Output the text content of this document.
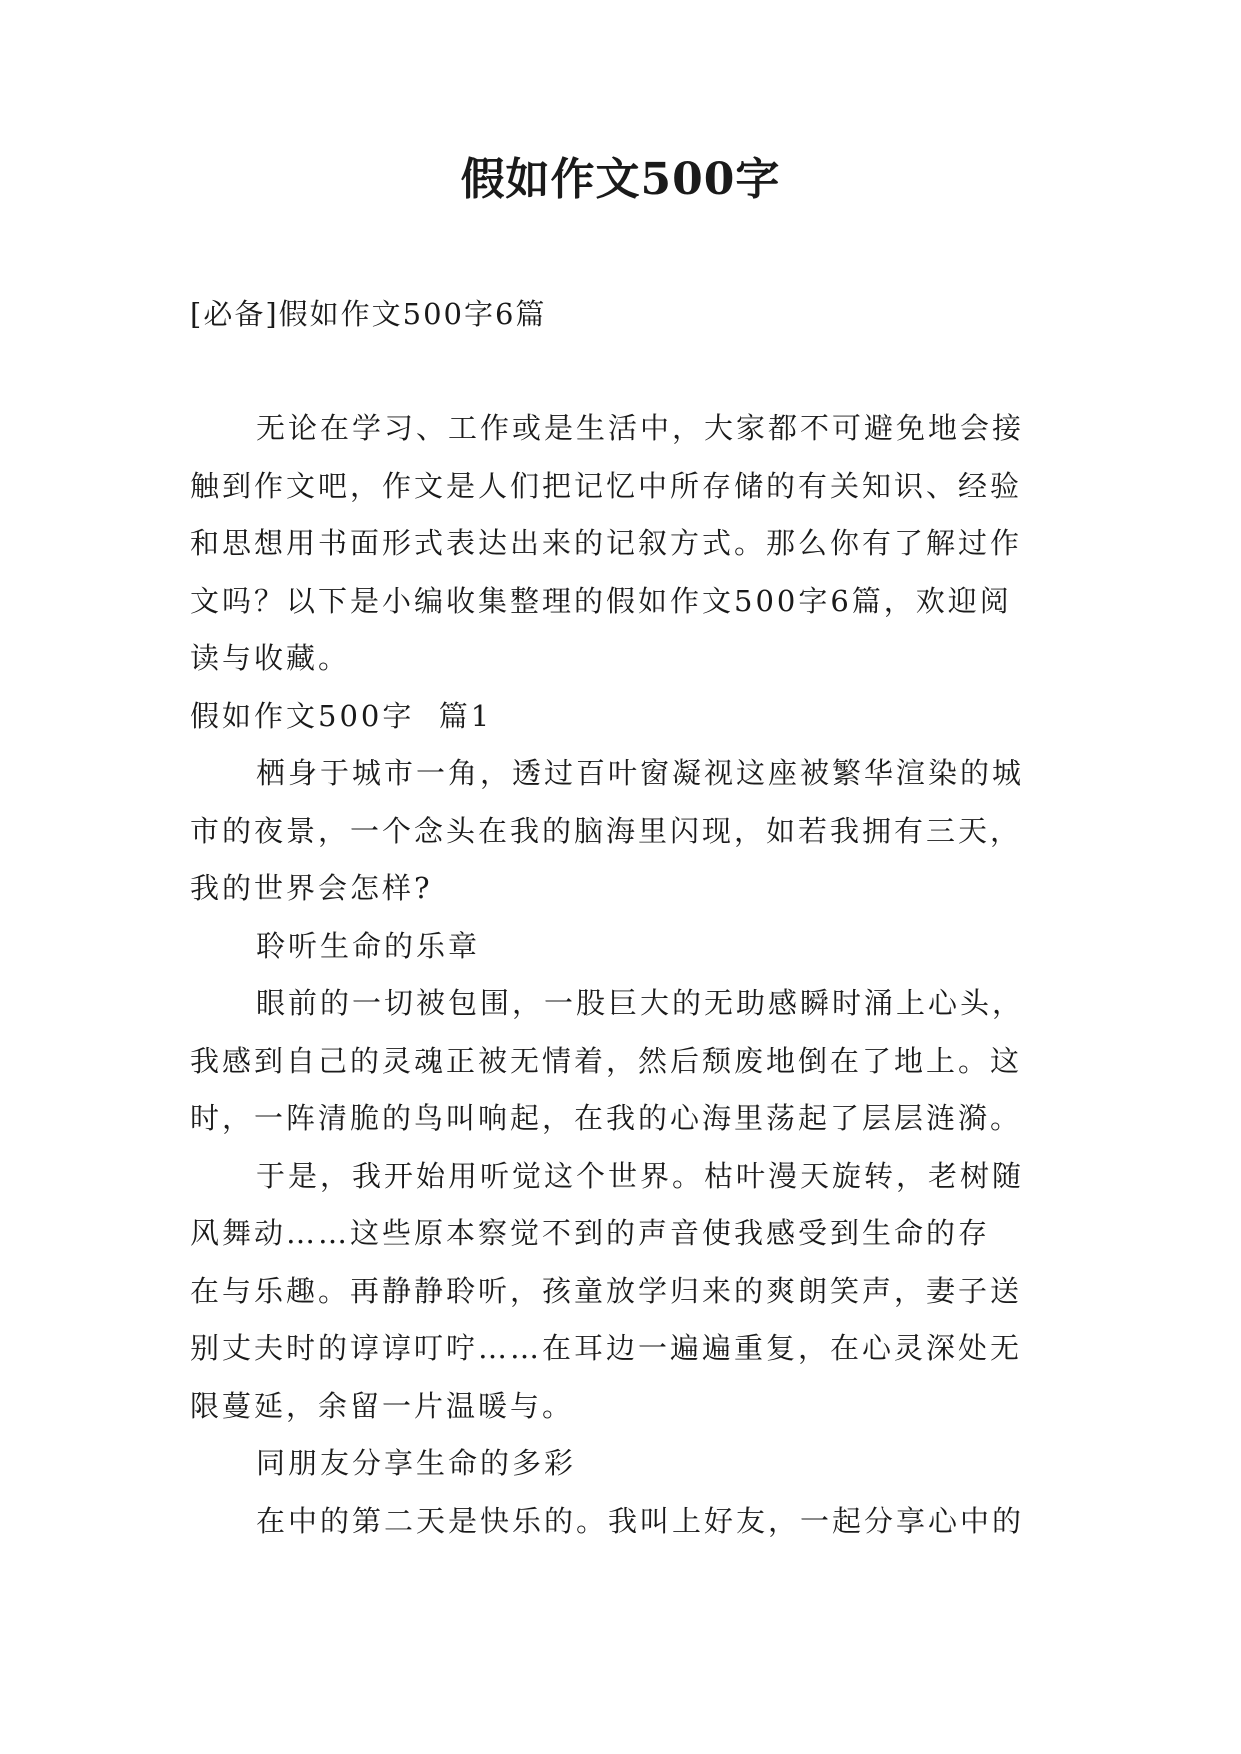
假如作文500字
[必备]假如作文500字6篇

无论在学习、工作或是生活中，大家都不可避免地会接
触到作文吧，作文是人们把记忆中所存储的有关知识、经验
和思想用书面形式表达出来的记叙方式。那么你有了解过作
文吗？以下是小编收集整理的假如作文500字6篇，欢迎阅
读与收藏。

假如作文500字  篇1

栖身于城市一角，透过百叶窗凝视这座被繁华渲染的城
市的夜景，一个念头在我的脑海里闪现，如若我拥有三天，
我的世界会怎样?

聆听生命的乐章

眼前的一切被包围，一股巨大的无助感瞬时涌上心头，
我感到自己的灵魂正被无情着，然后颓废地倒在了地上。这
时，一阵清脆的鸟叫响起，在我的心海里荡起了层层涟漪。

于是，我开始用听觉这个世界。枯叶漫天旋转，老树随
风舞动……这些原本察觉不到的声音使我感受到生命的存
在与乐趣。再静静聆听，孩童放学归来的爽朗笑声，妻子送
别丈夫时的谆谆叮咛……在耳边一遍遍重复，在心灵深处无
限蔓延，余留一片温暖与。

同朋友分享生命的多彩

在中的第二天是快乐的。我叫上好友，一起分享心中的
